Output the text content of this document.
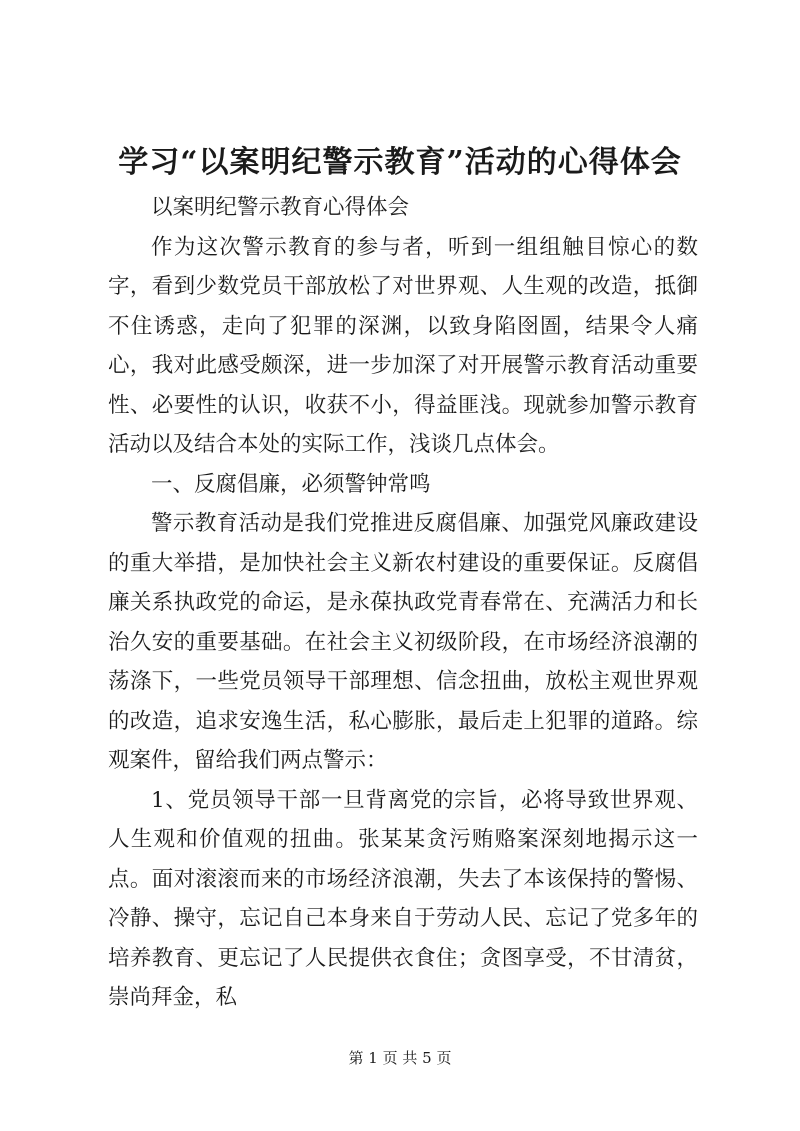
学习“以案明纪警示教育”活动的心得体会

以案明纪警示教育心得体会

作为这次警示教育的参与者，听到一组组触目惊心的数字，看到少数党员干部放松了对世界观、人生观的改造，抵御不住诱惑，走向了犯罪的深渊，以致身陷囹圄，结果令人痛心，我对此感受颇深，进一步加深了对开展警示教育活动重要性、必要性的认识，收获不小，得益匪浅。现就参加警示教育活动以及结合本处的实际工作，浅谈几点体会。

一、反腐倡廉，必须警钟常鸣

警示教育活动是我们党推进反腐倡廉、加强党风廉政建设的重大举措，是加快社会主义新农村建设的重要保证。反腐倡廉关系执政党的命运，是永葆执政党青春常在、充满活力和长治久安的重要基础。在社会主义初级阶段，在市场经济浪潮的荡涤下，一些党员领导干部理想、信念扭曲，放松主观世界观的改造，追求安逸生活，私心膨胀，最后走上犯罪的道路。综观案件，留给我们两点警示：

1、党员领导干部一旦背离党的宗旨，必将导致世界观、人生观和价值观的扭曲。张某某贪污贿赂案深刻地揭示这一点。面对滚滚而来的市场经济浪潮，失去了本该保持的警惕、冷静、操守，忘记自己本身来自于劳动人民、忘记了党多年的培养教育、更忘记了人民提供衣食住；贪图享受，不甘清贫，崇尚拜金，私

第 1 页 共 5 页
